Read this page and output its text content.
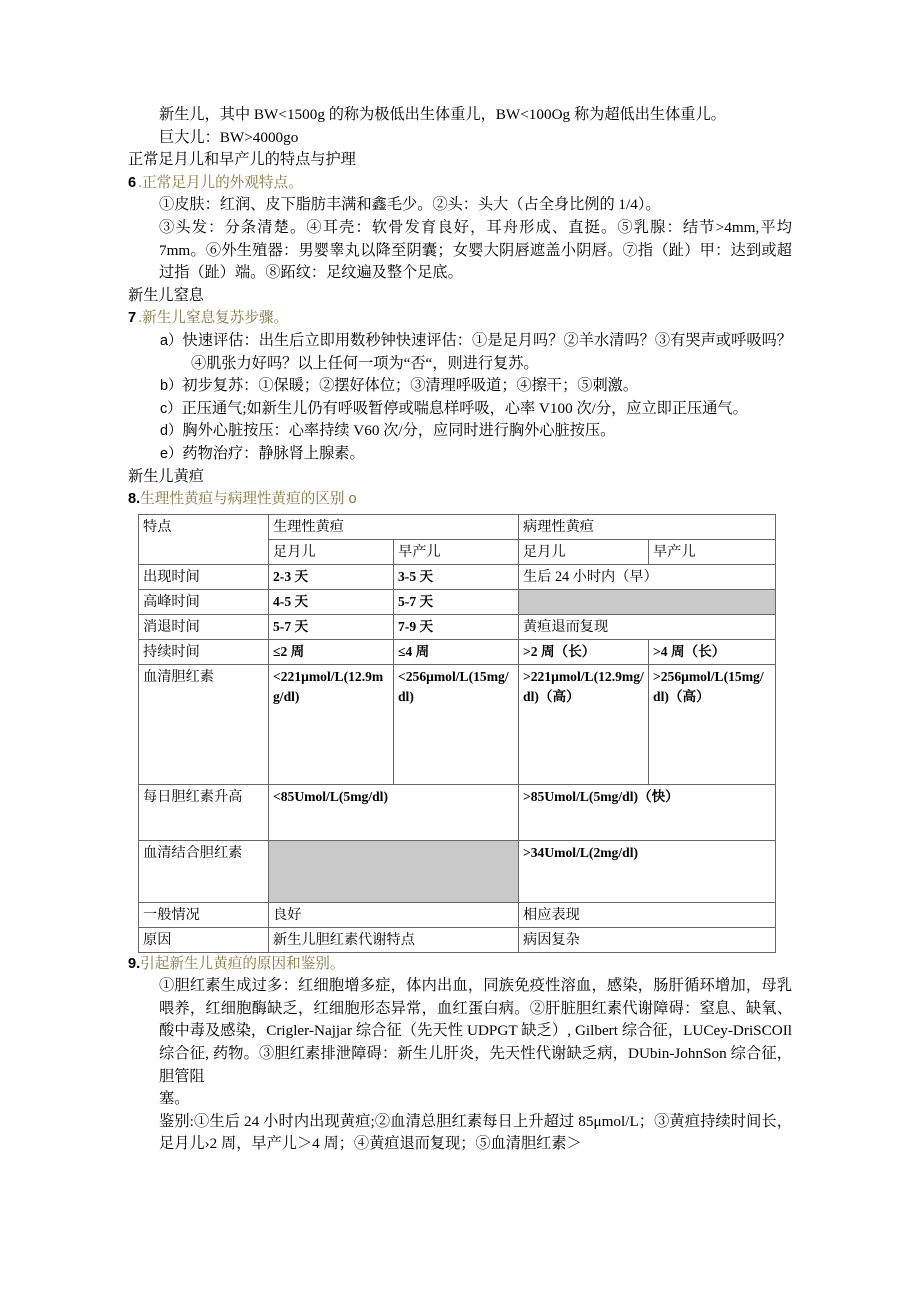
新生儿，其中 BW<1500g 的称为极低出生体重儿，BW<100Og 称为超低出生体重儿。

巨大儿：BW>4000go

正常足月儿和早产儿的特点与护理

6.正常足月儿的外观特点。

①皮肤：红润、皮下脂肪丰满和鑫毛少。②头：头大（占全身比例的 1/4）。

③头发：分条清楚。④耳壳：软骨发育良好，耳舟形成、直挺。⑤乳腺：结节>4mm,平均 7mm。⑥外生殖器：男婴睾丸以降至阴囊；女婴大阴唇遮盖小阴唇。⑦指（趾）甲：达到或超过指（趾）端。⑧跖纹：足纹遍及整个足底。

新生儿窒息

7.新生儿窒息复苏步骤。

a）快速评估：出生后立即用数秒钟快速评估：①是足月吗？②羊水清吗？③有哭声或呼吸吗？④肌张力好吗？以上任何一项为“否“，则进行复苏。

b）初步复苏：①保暖；②摆好体位；③清理呼吸道；④擦干；⑤刺激。

c）正压通气;如新生儿仍有呼吸暂停或喘息样呼吸，心率 V100 次/分，应立即正压通气。

d）胸外心脏按压：心率持续 V60 次/分，应同时进行胸外心脏按压。

e）药物治疗：静脉肾上腺素。

新生儿黄疸

8.生理性黄疸与病理性黄疸的区别 o

特点	生理性黄疸		病理性黄疸	
	足月儿	早产儿	足月儿	早产儿
出现时间	2-3 天	3-5 天	生后 24 小时内（早）	
高峰时间	4-5 天	5-7 天		
消退时间	5-7 天	7-9 天	黄疸退而复现	
持续时间	≤2 周	≤4 周	>2 周（长）	>4 周（长）
血清胆红素	<221μmol/L(12.9mg/dl)	<256μmol/L(15mg/dl)	>221μmol/L(12.9mg/dl)（高）	>256μmol/L(15mg/dl)（高）
每日胆红素升高	<85Umol/L(5mg/dl)		>85Umol/L(5mg/dl)（快）	
血清结合胆红素			>34Umol/L(2mg/dl)	
一般情况	良好		相应表现	
原因	新生儿胆红素代谢特点		病因复杂	

9.引起新生儿黄疸的原因和鉴别。

①胆红素生成过多：红细胞增多症，体内出血，同族免疫性溶血，感染，肠肝循环增加，母乳喂养，红细胞酶缺乏，红细胞形态异常，血红蛋白病。②肝脏胆红素代谢障碍：窒息、缺氧、酸中毒及感染，Crigler-Najjar 综合征（先天性 UDPGT 缺乏）, Gilbert 综合征，LUCey-DriSCOIl 综合征, 药物。③胆红素排泄障碍：新生儿肝炎，先天性代谢缺乏病，DUbin-JohnSon 综合征，胆管阻

塞。

鉴别:①生后 24 小时内出现黄疸;②血清总胆红素每日上升超过 85μmol/L；③黄疸持续时间长，足月儿›2 周，早产儿＞4 周；④黄疸退而复现；⑤血清胆红素＞
